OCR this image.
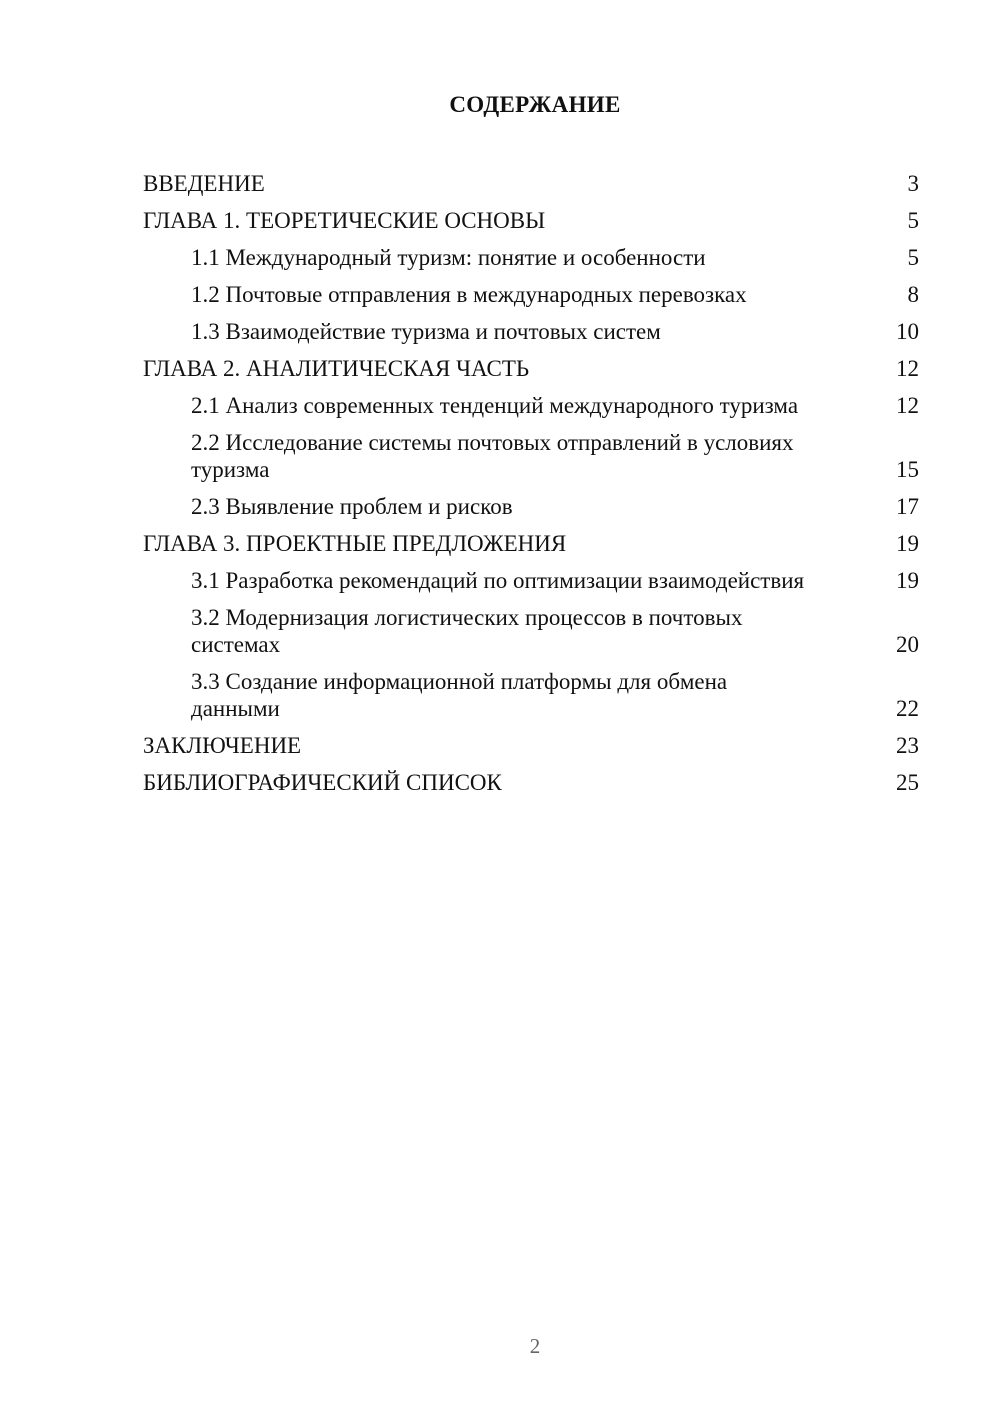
СОДЕРЖАНИЕ
ВВЕДЕНИЕ	3
ГЛАВА 1. ТЕОРЕТИЧЕСКИЕ ОСНОВЫ	5
1.1 Международный туризм: понятие и особенности	5
1.2 Почтовые отправления в международных перевозках	8
1.3 Взаимодействие туризма и почтовых систем	10
ГЛАВА 2. АНАЛИТИЧЕСКАЯ ЧАСТЬ	12
2.1 Анализ современных тенденций международного туризма	12
2.2 Исследование системы почтовых отправлений в условиях туризма	15
2.3 Выявление проблем и рисков	17
ГЛАВА 3. ПРОЕКТНЫЕ ПРЕДЛОЖЕНИЯ	19
3.1 Разработка рекомендаций по оптимизации взаимодействия	19
3.2 Модернизация логистических процессов в почтовых системах	20
3.3 Создание информационной платформы для обмена данными	22
ЗАКЛЮЧЕНИЕ	23
БИБЛИОГРАФИЧЕСКИЙ СПИСОК	25
2
